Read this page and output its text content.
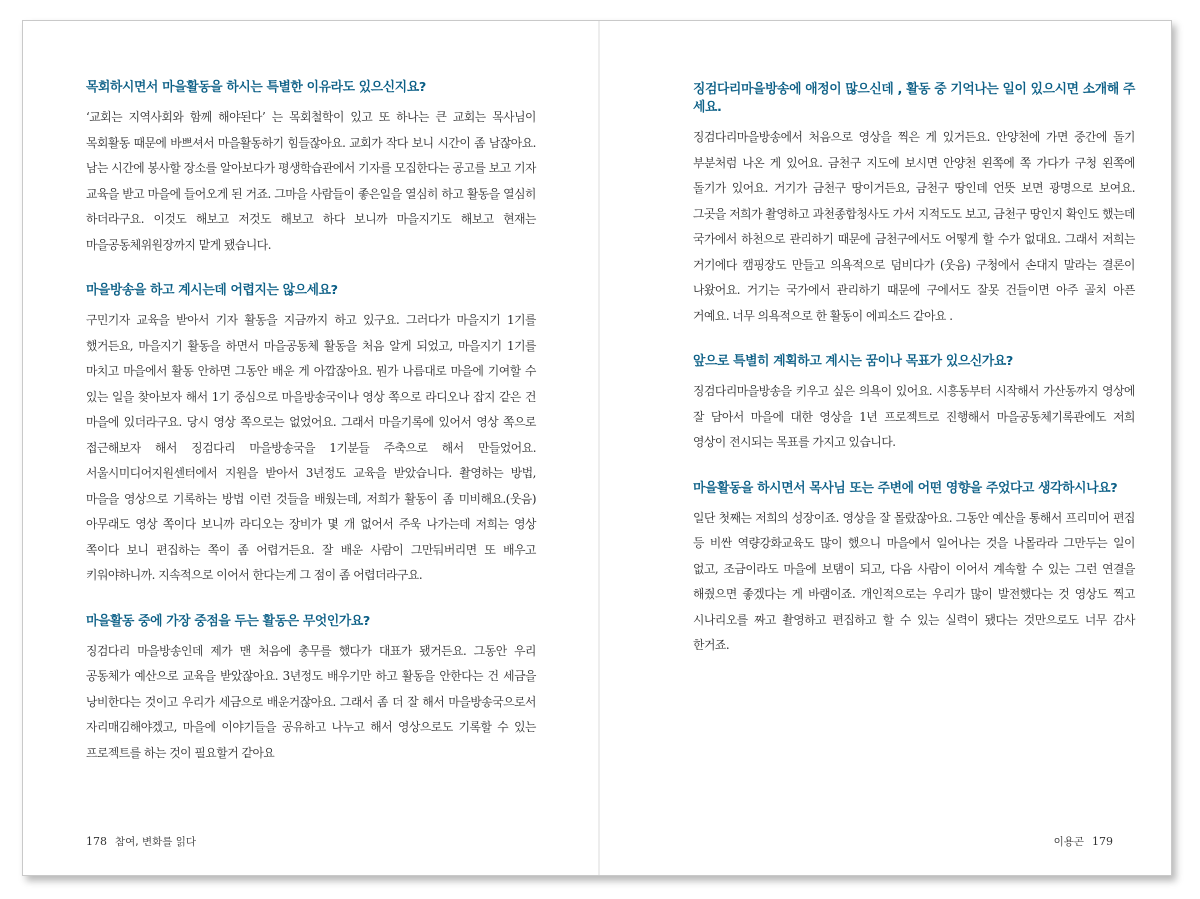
목회하시면서 마을활동을 하시는 특별한 이유라도 있으신지요?

‘교회는 지역사회와 함께 해야된다’ 는 목회철학이 있고 또 하나는 큰 교회는 목사님이 목회활동 때문에 바쁘셔서 마을활동하기 힘들잖아요. 교회가 작다 보니 시간이 좀 남잖아요. 남는 시간에 봉사할 장소를 알아보다가 평생학습관에서 기자를 모집한다는 공고를 보고 기자 교육을 받고 마을에 들어오게 된 거죠. 그마을 사람들이 좋은일을 열심히 하고 활동을 열심히 하더라구요. 이것도 해보고 저것도 해보고 하다 보니까 마을지기도 해보고 현재는 마을공동체위원장까지 맡게 됐습니다.

마을방송을 하고 계시는데 어렵지는 않으세요?

구민기자 교육을 받아서 기자 활동을 지금까지 하고 있구요. 그러다가 마을지기 1기를 했거든요, 마을지기 활동을 하면서 마을공동체 활동을 처음 알게 되었고, 마을지기 1기를 마치고 마을에서 활동 안하면 그동안 배운 게 아깝잖아요. 뭔가 나름대로 마을에 기여할 수 있는 일을 찾아보자 해서 1기 중심으로 마을방송국이나 영상 쪽으로 라디오나 잡지 같은 건 마을에 있더라구요. 당시 영상 쪽으로는 없었어요. 그래서 마을기록에 있어서 영상 쪽으로 접근해보자 해서 징검다리 마을방송국을 1기분들 주축으로 해서 만들었어요. 서울시미디어지원센터에서 지원을 받아서 3년정도 교육을 받았습니다. 촬영하는 방법, 마을을 영상으로 기록하는 방법 이런 것들을 배웠는데, 저희가 활동이 좀 미비해요.(웃음) 아무래도 영상 쪽이다 보니까 라디오는 장비가 몇 개 없어서 주욱 나가는데 저희는 영상 쪽이다 보니 편집하는 쪽이 좀 어렵거든요. 잘 배운 사람이 그만둬버리면 또 배우고 키워야하니까. 지속적으로 이어서 한다는게 그 점이 좀 어렵더라구요.

마을활동 중에 가장 중점을 두는 활동은 무엇인가요?

징검다리 마을방송인데 제가 맨 처음에 총무를 했다가 대표가 됐거든요. 그동안 우리 공동체가 예산으로 교육을 받았잖아요. 3년정도 배우기만 하고 활동을 안한다는 건 세금을 낭비한다는 것이고 우리가 세금으로 배운거잖아요. 그래서 좀 더 잘 해서 마을방송국으로서 자리매김해야겠고, 마을에 이야기들을 공유하고 나누고 해서 영상으로도 기록할 수 있는 프로젝트를 하는 것이 필요할거 같아요

178 참여, 변화를 읽다
징검다리마을방송에 애정이 많으신데 , 활동 중 기억나는 일이 있으시면 소개해 주세요.

징검다리마을방송에서 처음으로 영상을 찍은 게 있거든요. 안양천에 가면 중간에 돌기 부분처럼 나온 게 있어요. 금천구 지도에 보시면 안양천 왼쪽에 쪽 가다가 구청 왼쪽에 돌기가 있어요. 거기가 금천구 땅이거든요, 금천구 땅인데 언뜻 보면 광명으로 보여요. 그곳을 저희가 촬영하고 과천종합청사도 가서 지적도도 보고, 금천구 땅인지 확인도 했는데 국가에서 하천으로 관리하기 때문에 금천구에서도 어떻게 할 수가 없대요. 그래서 저희는 거기에다 캠핑장도 만들고 의욕적으로 덤비다가 (웃음) 구청에서 손대지 말라는 결론이 나왔어요. 거기는 국가에서 관리하기 때문에 구에서도 잘못 건들이면 아주 골치 아픈 거예요. 너무 의욕적으로 한 활동이 에피소드 같아요 .

앞으로 특별히 계획하고 계시는 꿈이나 목표가 있으신가요?

징검다리마을방송을 키우고 싶은 의욕이 있어요. 시흥동부터 시작해서 가산동까지 영상에 잘 담아서 마을에 대한 영상을 1년 프로젝트로 진행해서 마을공동체기록관에도 저희 영상이 전시되는 목표를 가지고 있습니다.

마을활동을 하시면서 목사님 또는 주변에 어떤 영향을 주었다고 생각하시나요?

일단 첫째는 저희의 성장이죠. 영상을 잘 몰랐잖아요. 그동안 예산을 통해서 프리미어 편집 등 비싼 역량강화교육도 많이 했으니 마을에서 일어나는 것을 나몰라라 그만두는 일이 없고, 조금이라도 마을에 보탬이 되고, 다음 사람이 이어서 계속할 수 있는 그런 연결을 해줬으면 좋겠다는 게 바램이죠. 개인적으로는 우리가 많이 발전했다는 것 영상도 찍고 시나리오를 짜고 촬영하고 편집하고 할 수 있는 실력이 됐다는 것만으로도 너무 감사 한거죠.

이용곤 179
